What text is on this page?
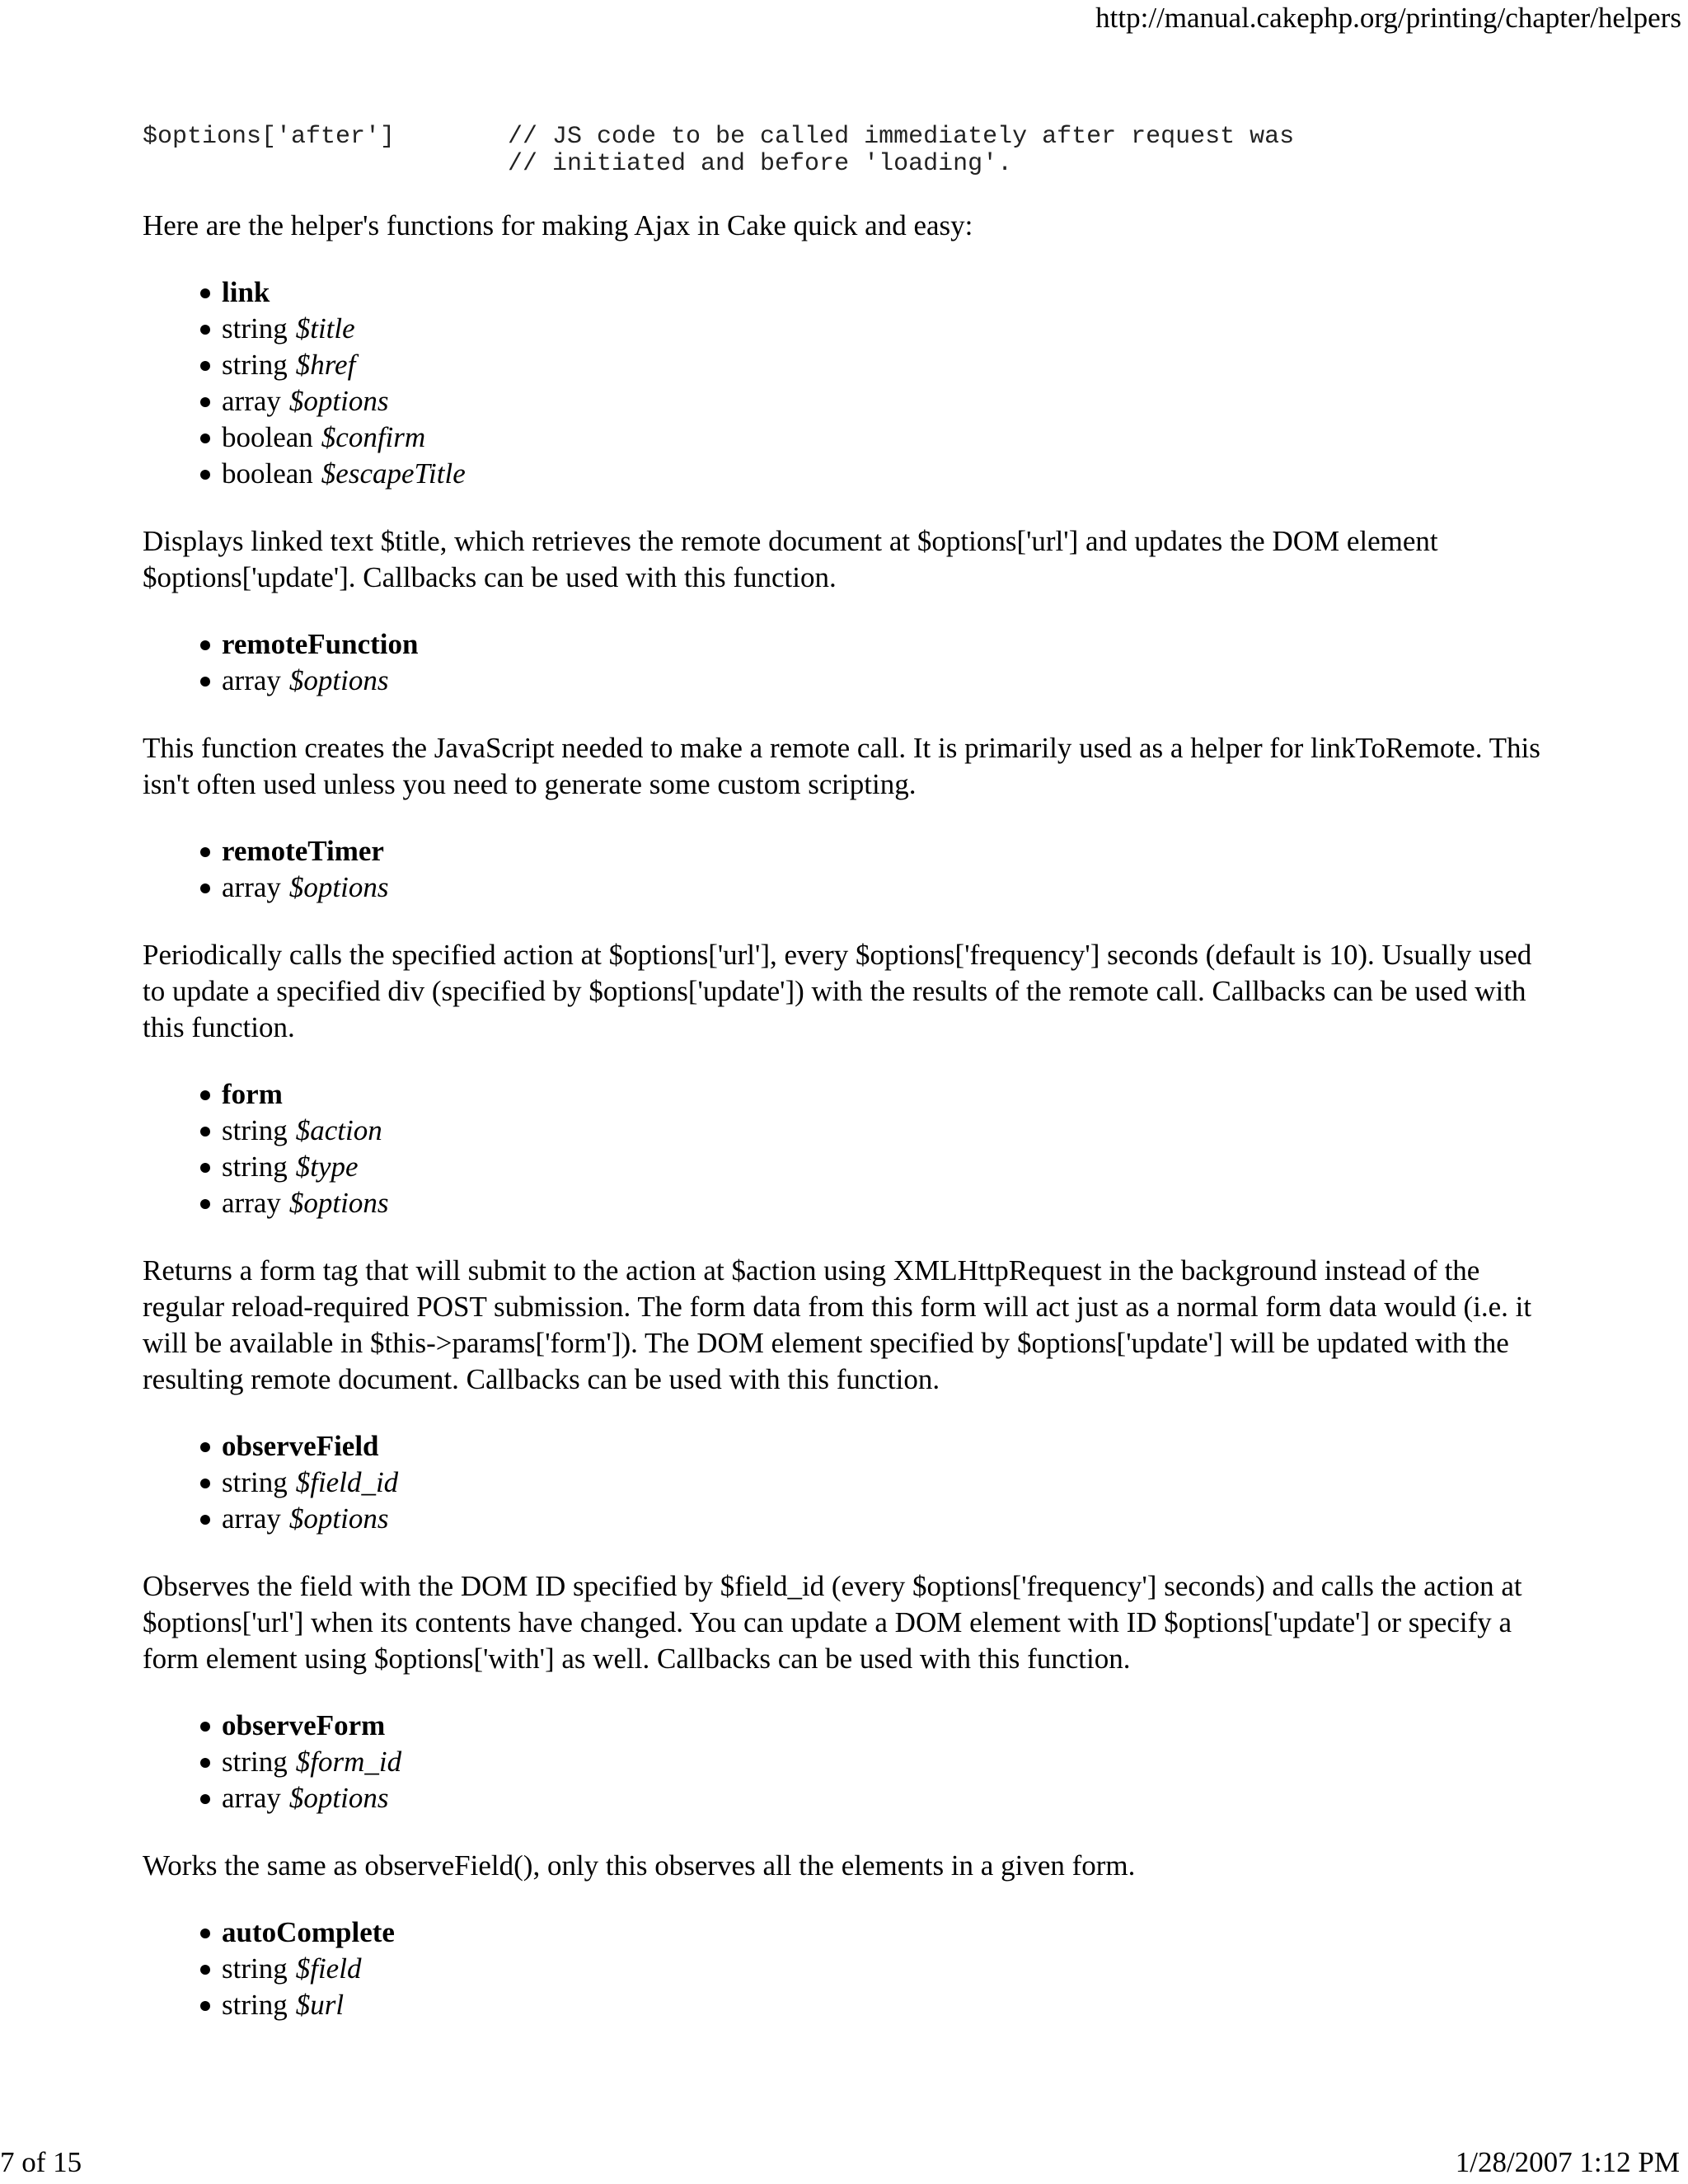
http://manual.cakephp.org/printing/chapter/helpers
$options['after']	// JS code to be called immediately after request was
// initiated and before 'loading'.

Here are the helper's functions for making Ajax in Cake quick and easy:

link
string $title
string $href
array $options
boolean $confirm
boolean $escapeTitle

Displays linked text $title, which retrieves the remote document at $options['url'] and updates the DOM element $options['update']. Callbacks can be used with this function.

remoteFunction
array $options

This function creates the JavaScript needed to make a remote call. It is primarily used as a helper for linkToRemote. This isn't often used unless you need to generate some custom scripting.

remoteTimer
array $options

Periodically calls the specified action at $options['url'], every $options['frequency'] seconds (default is 10). Usually used to update a specified div (specified by $options['update']) with the results of the remote call. Callbacks can be used with this function.

form
string $action
string $type
array $options

Returns a form tag that will submit to the action at $action using XMLHttpRequest in the background instead of the regular reload-required POST submission. The form data from this form will act just as a normal form data would (i.e. it will be available in $this->params['form']). The DOM element specified by $options['update'] will be updated with the resulting remote document. Callbacks can be used with this function.

observeField
string $field_id
array $options

Observes the field with the DOM ID specified by $field_id (every $options['frequency'] seconds) and calls the action at $options['url'] when its contents have changed. You can update a DOM element with ID $options['update'] or specify a form element using $options['with'] as well. Callbacks can be used with this function.

observeForm
string $form_id
array $options

Works the same as observeField(), only this observes all the elements in a given form.

autoComplete
string $field
string $url
7 of 15	1/28/2007 1:12 PM
